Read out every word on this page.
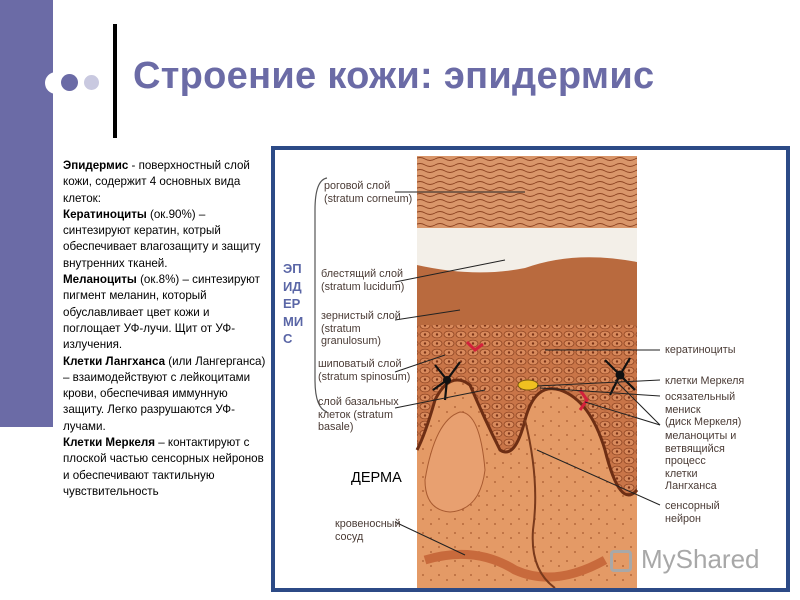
Строение кожи: эпидермис

Эпидермис - поверхностный слой кожи, содержит 4 основных вида клеток:

Кератиноциты (ок.90%) – синтезируют кератин, котрый обеспечивает влагозащиту и защиту внутренних тканей.

Меланоциты (ок.8%) – синтезируют пигмент меланин, который обуславливает цвет кожи и поглощает УФ-лучи. Щит от УФ-излучения.

Клетки Лангханса (или Лангерганса) – взаимодействуют с лейкоцитами крови, обеспечивая иммунную защиту. Легко разрушаются УФ-лучами.

Клетки Меркеля – контактируют с плоской частью сенсорных нейронов и обеспечивают тактильную чувствительность

ЭП
ИД
ЕР
МИ
С
роговой слой
(stratum corneum)
блестящий слой
(stratum lucidum)
зернистый слой
(stratum
granulosum)
шиповатый слой
(stratum spinosum)
слой базальных
клеток (stratum
basale)
кровеносный
сосуд
кератиноциты
клетки Меркеля
осязательный
мениск
(диск Меркеля)
меланоциты и
ветвящийся
процесс
клетки
Лангханса
сенсорный
нейрон
ДЕРМА
MyShared
